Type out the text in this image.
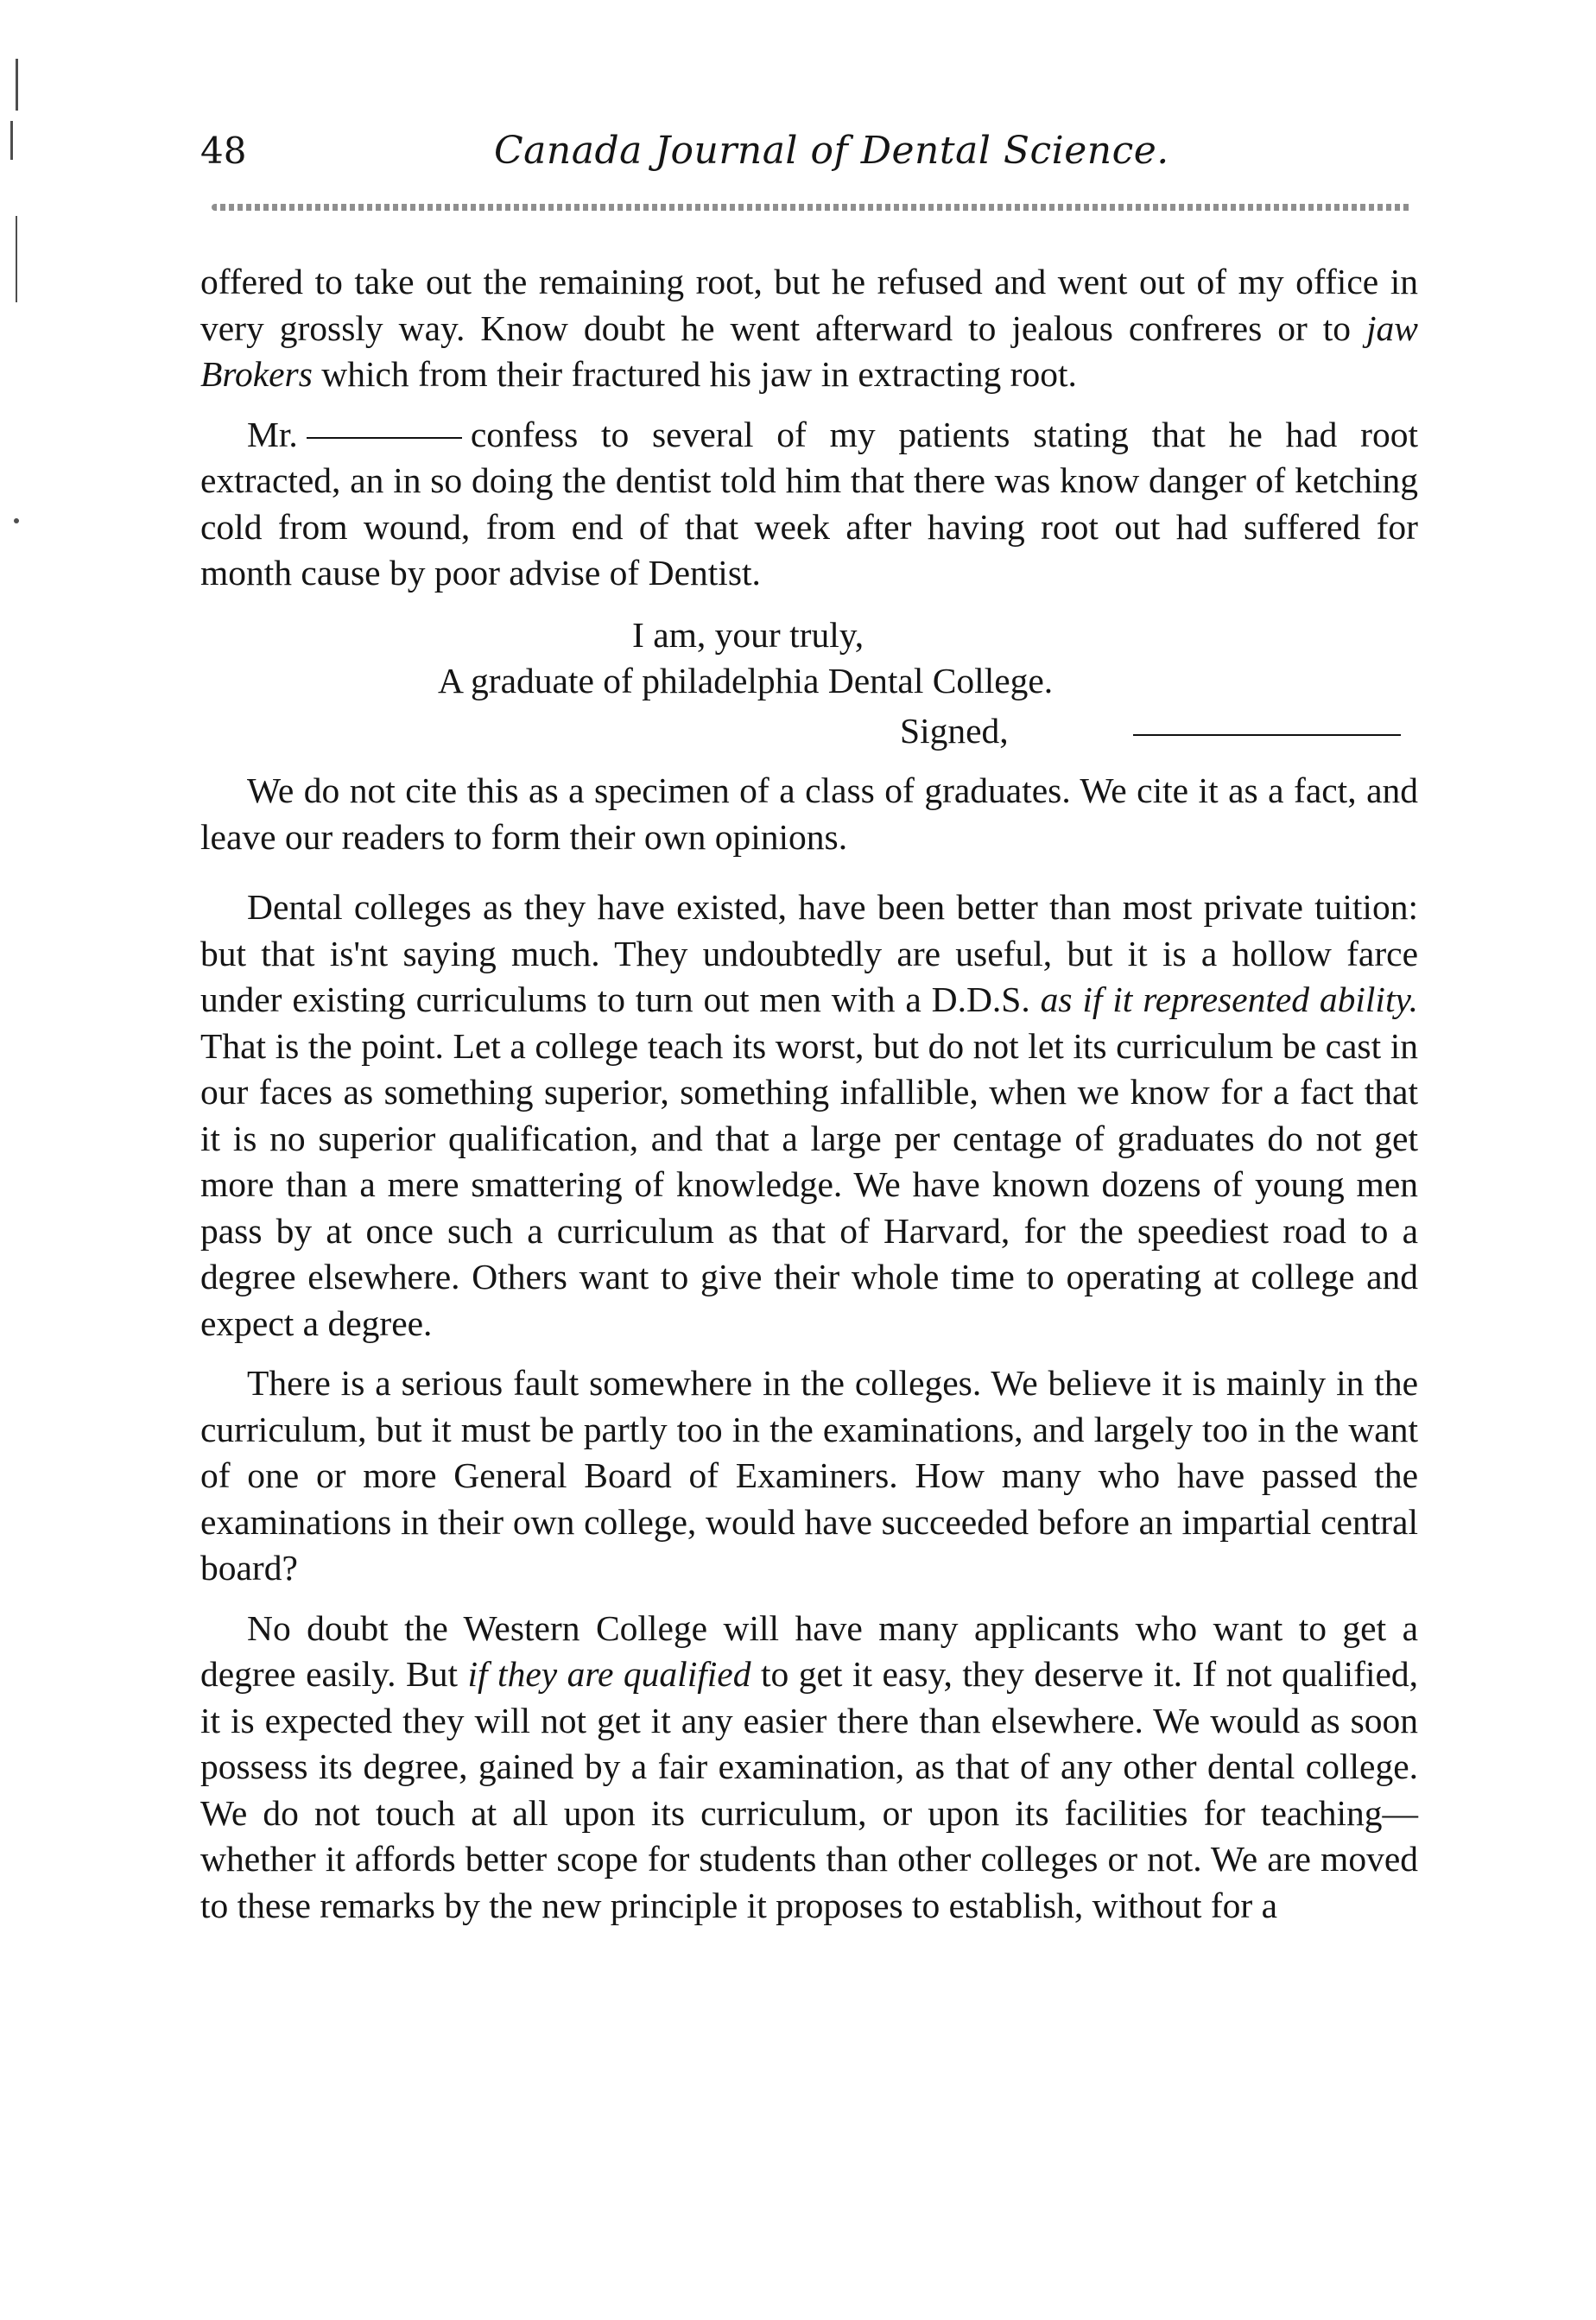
48	Canada Journal of Dental Science.

offered to take out the remaining root, but he refused and went out of my office in very grossly way. Know doubt he went afterward to jealous confreres or to jaw Brokers which from their fractured his jaw in extracting root.

Mr.	confess to several of my patients stating that he had root extracted, an in so doing the dentist told him that there was know danger of ketching cold from wound, from end of that week after having root out had suffered for month cause by poor advise of Dentist.

I am, your truly,

A graduate of philadelphia Dental College.

Signed,

We do not cite this as a specimen of a class of graduates. We cite it as a fact, and leave our readers to form their own opinions.

Dental colleges as they have existed, have been better than most private tuition: but that is'nt saying much. They undoubtedly are useful, but it is a hollow farce under existing curriculums to turn out men with a D.D.S. as if it represented ability. That is the point. Let a college teach its worst, but do not let its curriculum be cast in our faces as something superior, something infallible, when we know for a fact that it is no superior qualification, and that a large per centage of graduates do not get more than a mere smattering of knowledge. We have known dozens of young men pass by at once such a curriculum as that of Harvard, for the speediest road to a degree elsewhere. Others want to give their whole time to operating at college and expect a degree.

There is a serious fault somewhere in the colleges. We believe it is mainly in the curriculum, but it must be partly too in the examinations, and largely too in the want of one or more General Board of Examiners. How many who have passed the examinations in their own college, would have succeeded before an impartial central board?

No doubt the Western College will have many applicants who want to get a degree easily. But if they are qualified to get it easy, they deserve it. If not qualified, it is expected they will not get it any easier there than elsewhere. We would as soon possess its degree, gained by a fair examination, as that of any other dental college. We do not touch at all upon its curriculum, or upon its facilities for teaching—whether it affords better scope for students than other colleges or not. We are moved to these remarks by the new principle it proposes to establish, without for a
